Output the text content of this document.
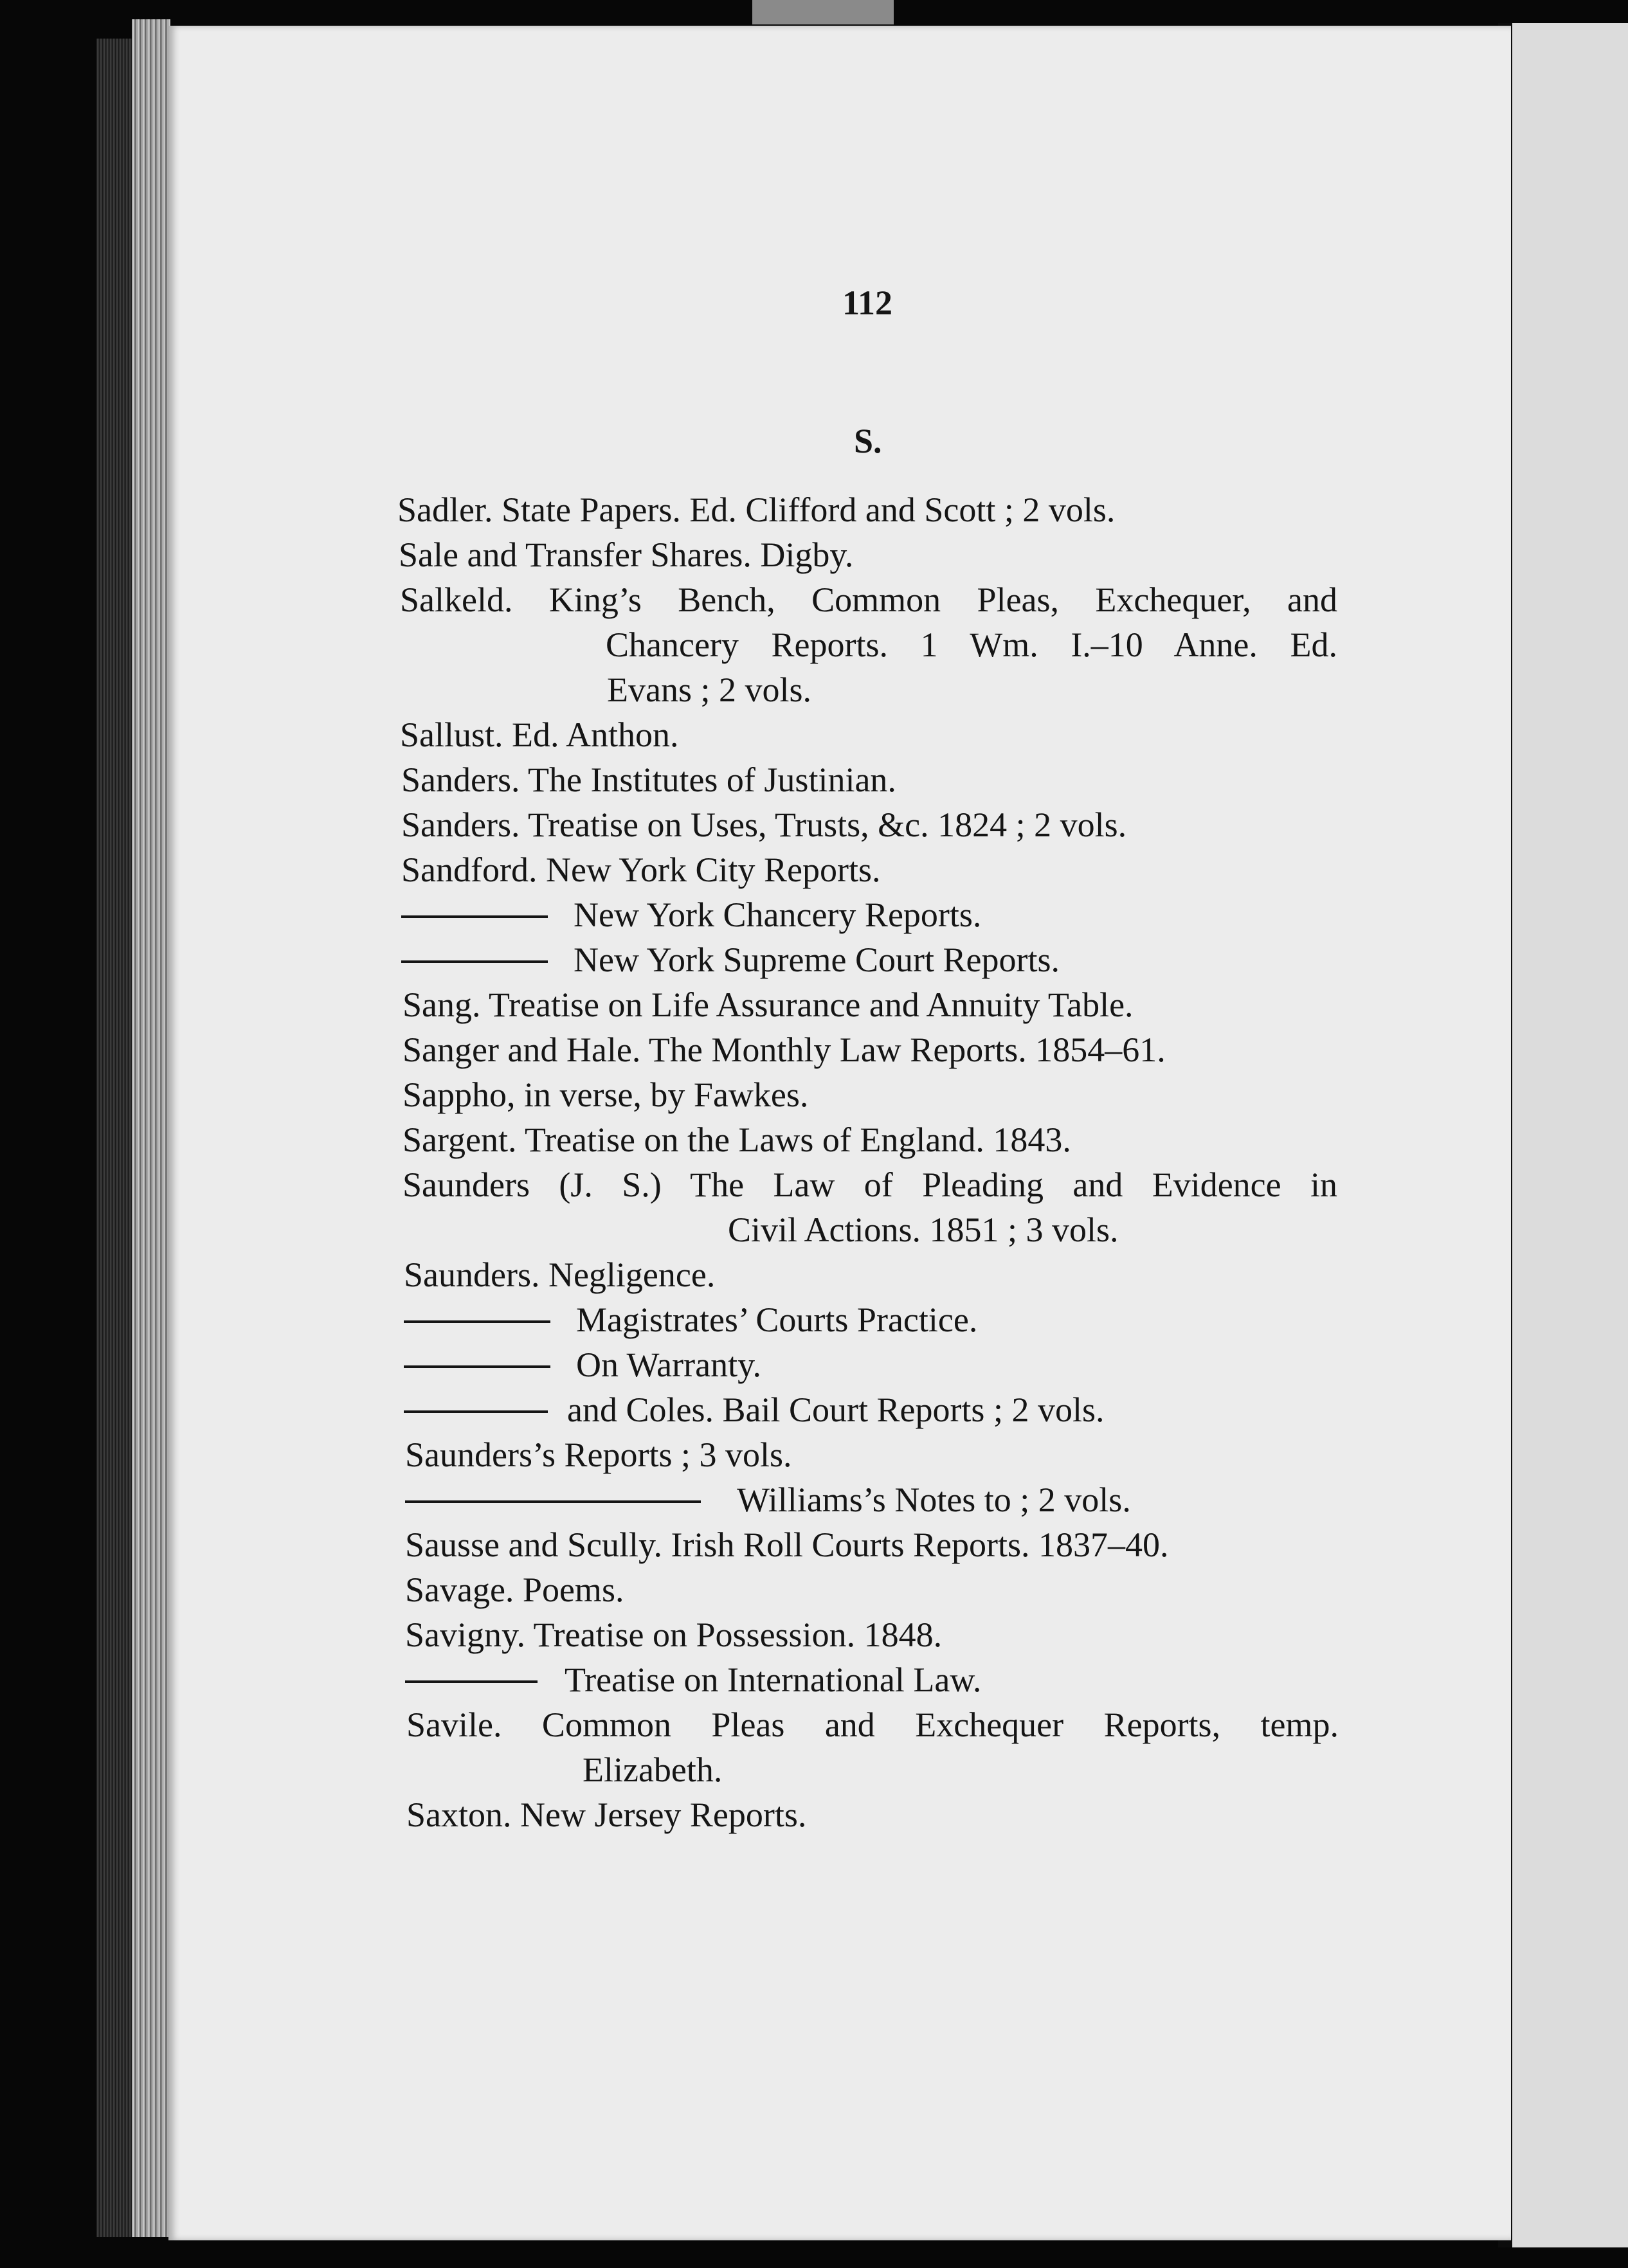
112
S.
Sadler. State Papers. Ed. Clifford and Scott ; 2 vols.
Sale and Transfer Shares. Digby.
Salkeld. King’s Bench, Common Pleas, Exchequer, and
Chancery Reports. 1 Wm. I.–10 Anne. Ed.
Evans ; 2 vols.
Sallust. Ed. Anthon.
Sanders. The Institutes of Justinian.
Sanders. Treatise on Uses, Trusts, &c. 1824 ; 2 vols.
Sandford. New York City Reports.
New York Chancery Reports.
New York Supreme Court Reports.
Sang. Treatise on Life Assurance and Annuity Table.
Sanger and Hale. The Monthly Law Reports. 1854–61.
Sappho, in verse, by Fawkes.
Sargent. Treatise on the Laws of England. 1843.
Saunders (J. S.) The Law of Pleading and Evidence in
Civil Actions. 1851 ; 3 vols.
Saunders. Negligence.
Magistrates’ Courts Practice.
On Warranty.
and Coles. Bail Court Reports ; 2 vols.
Saunders’s Reports ; 3 vols.
Williams’s Notes to ; 2 vols.
Sausse and Scully. Irish Roll Courts Reports. 1837–40.
Savage. Poems.
Savigny. Treatise on Possession. 1848.
Treatise on International Law.
Savile. Common Pleas and Exchequer Reports, temp.
Elizabeth.
Saxton. New Jersey Reports.
